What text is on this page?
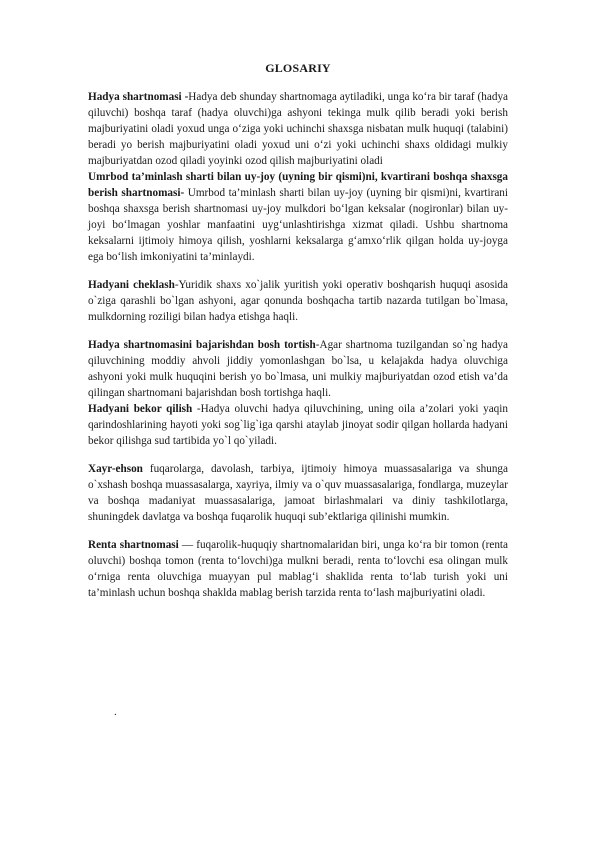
GLOSARIY

Hadya shartnomasi -Hadya deb shunday shartnomaga aytiladiki, unga ko‘ra bir taraf (hadya qiluvchi) boshqa taraf (hadya oluvchi)ga ashyoni tekinga mulk qilib beradi yoki berish majburiyatini oladi yoxud unga o‘ziga yoki uchinchi shaxsga nisbatan mulk huquqi (talabini) beradi yo berish majburiyatini oladi yoxud uni o‘zi yoki uchinchi shaxs oldidagi mulkiy majburiyatdan ozod qiladi yoyinki ozod qilish majburiyatini oladi

Umrbod ta’minlash sharti bilan uy-joy (uyning bir qismi)ni, kvartirani boshqa shaxsga berish shartnomasi- Umrbod ta’minlash sharti bilan uy-joy (uyning bir qismi)ni, kvartirani boshqa shaxsga berish shartnomasi uy-joy mulkdori bo‘lgan keksalar (nogironlar) bilan uy-joyi bo‘lmagan yoshlar manfaatini uyg‘unlashtirishga xizmat qiladi. Ushbu shartnoma keksalarni ijtimoiy himoya qilish, yoshlarni keksalarga g‘amxo‘rlik qilgan holda uy-joyga ega bo‘lish imkoniyatini ta’minlaydi.

Hadyani cheklash-Yuridik shaxs xo`jalik yuritish yoki operativ boshqarish huquqi asosida o`ziga qarashli bo`lgan ashyoni, agar qonunda boshqacha tartib nazarda tutilgan bo`lmasa, mulkdorning roziligi bilan hadya etishga haqli.

Hadya shartnomasini bajarishdan bosh tortish-Agar shartnoma tuzilgandan so`ng hadya qiluvchining moddiy ahvoli jiddiy yomonlashgan bo`lsa, u kelajakda hadya oluvchiga ashyoni yoki mulk huquqini berish yo bo`lmasa, uni mulkiy majburiyatdan ozod etish va’da qilingan shartnomani bajarishdan bosh tortishga haqli.

Hadyani bekor qilish -Hadya oluvchi hadya qiluvchining, uning oila a’zolari yoki yaqin qarindoshlarining hayoti yoki sog`lig`iga qarshi ataylab jinoyat sodir qilgan hollarda hadyani bekor qilishga sud tartibida yo`l qo`yiladi.

Xayr-ehson fuqarolarga, davolash, tarbiya, ijtimoiy himoya muassasalariga va shunga o`xshash boshqa muassasalarga, xayriya, ilmiy va o`quv muassasalariga, fondlarga, muzeylar va boshqa madaniyat muassasalariga, jamoat birlashmalari va diniy tashkilotlarga, shuningdek davlatga va boshqa fuqarolik huquqi sub’ektlariga qilinishi mumkin.

Renta shartnomasi — fuqarolik-huquqiy shartnomalaridan biri, unga ko‘ra bir tomon (renta oluvchi) boshqa tomon (renta to‘lovchi)ga mulkni beradi, renta to‘lovchi esa olingan mulk o‘rniga renta oluvchiga muayyan pul mablag‘i shaklida renta to‘lab turish yoki uni ta’minlash uchun boshqa shaklda mablag berish tarzida renta to‘lash majburiyatini oladi.

.
